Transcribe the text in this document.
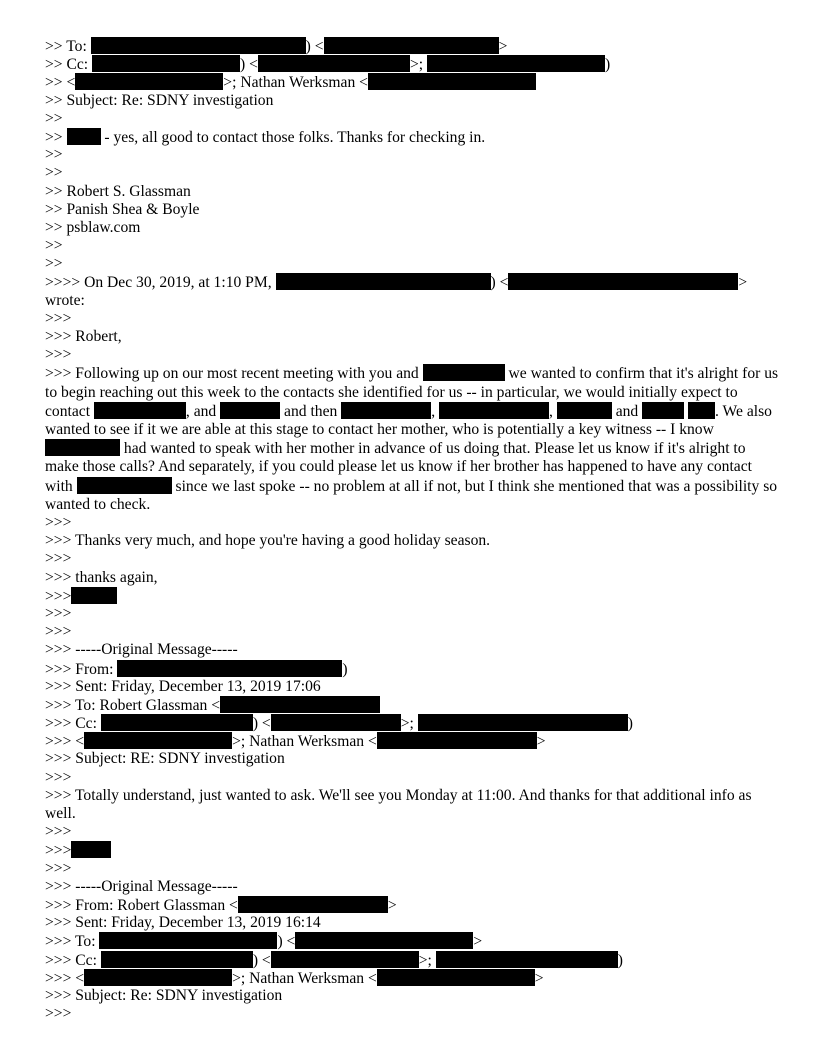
>> To:	) <	>
>> Cc:	) <	>;	)
>> <	>; Nathan Werksman <
>> Subject: Re: SDNY investigation
>>
>>  - yes, all good to contact those folks. Thanks for checking in.
>>
>>
>> Robert S. Glassman
>> Panish Shea & Boyle
>> psblaw.com
>>
>>
>>>> On Dec 30, 2019, at 1:10 PM,	) <	>
wrote:
>>>
>>> Robert,
>>>
>>> Following up on our most recent meeting with you and	we wanted to confirm that it's alright for us to begin reaching out this week to the contacts she identified for us -- in particular, we would initially expect to contact	, and	and then	,	,	and	. We also wanted to see if it we are able at this stage to contact her mother, who is potentially a key witness -- I know  had wanted to speak with her mother in advance of us doing that. Please let us know if it's alright to make those calls? And separately, if you could please let us know if her brother has happened to have any contact with	since we last spoke -- no problem at all if not, but I think she mentioned that was a possibility so wanted to check.
>>>
>>> Thanks very much, and hope you're having a good holiday season.
>>>
>>> thanks again,
>>>
>>>
>>>
>>> -----Original Message-----
>>> From:	)
>>> Sent: Friday, December 13, 2019 17:06
>>> To: Robert Glassman <
>>> Cc:	) <	>;	)
>>> <	>; Nathan Werksman <	>
>>> Subject: RE: SDNY investigation
>>>
>>> Totally understand, just wanted to ask. We'll see you Monday at 11:00. And thanks for that additional info as well.
>>>
>>>
>>>
>>> -----Original Message-----
>>> From: Robert Glassman <	>
>>> Sent: Friday, December 13, 2019 16:14
>>> To:	) <	>
>>> Cc:	) <	>;	)
>>> <	>; Nathan Werksman <	>
>>> Subject: Re: SDNY investigation
>>>
